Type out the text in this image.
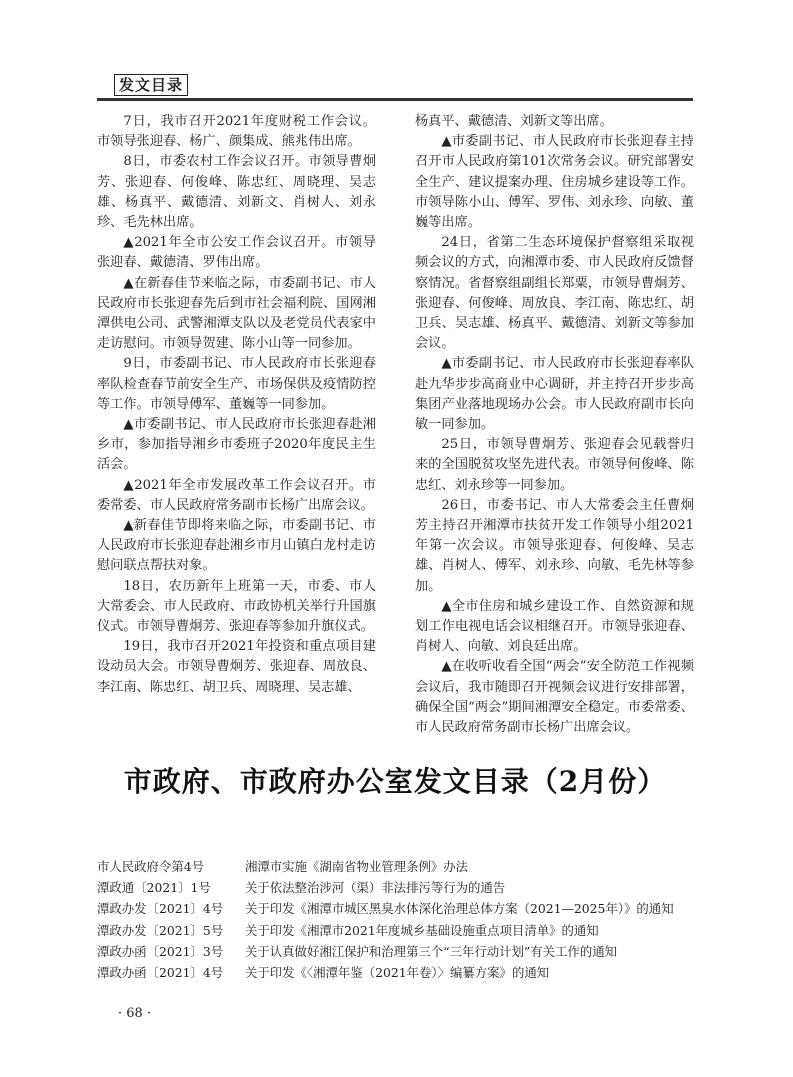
发文目录

7日，我市召开2021年度财税工作会议。市领导张迎春、杨广、颜集成、熊兆伟出席。

8日，市委农村工作会议召开。市领导曹炯芳、张迎春、何俊峰、陈忠红、周晓理、吴志雄、杨真平、戴德清、刘新文、肖树人、刘永珍、毛先林出席。

▲2021年全市公安工作会议召开。市领导张迎春、戴德清、罗伟出席。

▲在新春佳节来临之际，市委副书记、市人民政府市长张迎春先后到市社会福利院、国网湘潭供电公司、武警湘潭支队以及老党员代表家中走访慰问。市领导贺建、陈小山等一同参加。

9日，市委副书记、市人民政府市长张迎春率队检查春节前安全生产、市场保供及疫情防控等工作。市领导傅军、董巍等一同参加。

▲市委副书记、市人民政府市长张迎春赴湘乡市，参加指导湘乡市委班子2020年度民主生活会。

▲2021年全市发展改革工作会议召开。市委常委、市人民政府常务副市长杨广出席会议。

▲新春佳节即将来临之际，市委副书记、市人民政府市长张迎春赴湘乡市月山镇白龙村走访慰问联点帮扶对象。

18日，农历新年上班第一天，市委、市人大常委会、市人民政府、市政协机关举行升国旗仪式。市领导曹炯芳、张迎春等参加升旗仪式。

19日，我市召开2021年投资和重点项目建设动员大会。市领导曹炯芳、张迎春、周放良、李江南、陈忠红、胡卫兵、周晓理、吴志雄、

杨真平、戴德清、刘新文等出席。

▲市委副书记、市人民政府市长张迎春主持召开市人民政府第101次常务会议。研究部署安全生产、建议提案办理、住房城乡建设等工作。市领导陈小山、傅军、罗伟、刘永珍、向敏、董巍等出席。

24日，省第二生态环境保护督察组采取视频会议的方式，向湘潭市委、市人民政府反馈督察情况。省督察组副组长郑粟，市领导曹炯芳、张迎春、何俊峰、周放良、李江南、陈忠红、胡卫兵、吴志雄、杨真平、戴德清、刘新文等参加会议。

▲市委副书记、市人民政府市长张迎春率队赴九华步步高商业中心调研，并主持召开步步高集团产业落地现场办公会。市人民政府副市长向敏一同参加。

25日，市领导曹炯芳、张迎春会见载誉归来的全国脱贫攻坚先进代表。市领导何俊峰、陈忠红、刘永珍等一同参加。

26日，市委书记、市人大常委会主任曹炯芳主持召开湘潭市扶贫开发工作领导小组2021年第一次会议。市领导张迎春、何俊峰、吴志雄、肖树人、傅军、刘永珍、向敏、毛先林等参加。

▲全市住房和城乡建设工作、自然资源和规划工作电视电话会议相继召开。市领导张迎春、肖树人、向敏、刘良廷出席。

▲在收听收看全国“两会”安全防范工作视频会议后，我市随即召开视频会议进行安排部署，确保全国“两会”期间湘潭安全稳定。市委常委、市人民政府常务副市长杨广出席会议。

市政府、市政府办公室发文目录（2月份）
市人民政府令第4号	湘潭市实施《湖南省物业管理条例》办法
潭政通〔2021〕1号	关于依法整治涉河（渠）非法排污等行为的通告
潭政办发〔2021〕4号	关于印发《湘潭市城区黑臭水体深化治理总体方案（2021—2025年）》的通知
潭政办发〔2021〕5号	关于印发《湘潭市2021年度城乡基础设施重点项目清单》的通知
潭政办函〔2021〕3号	关于认真做好湘江保护和治理第三个“三年行动计划”有关工作的通知
潭政办函〔2021〕4号	关于印发《〈湘潭年鉴（2021年卷）〉编纂方案》的通知
· 68 ·
